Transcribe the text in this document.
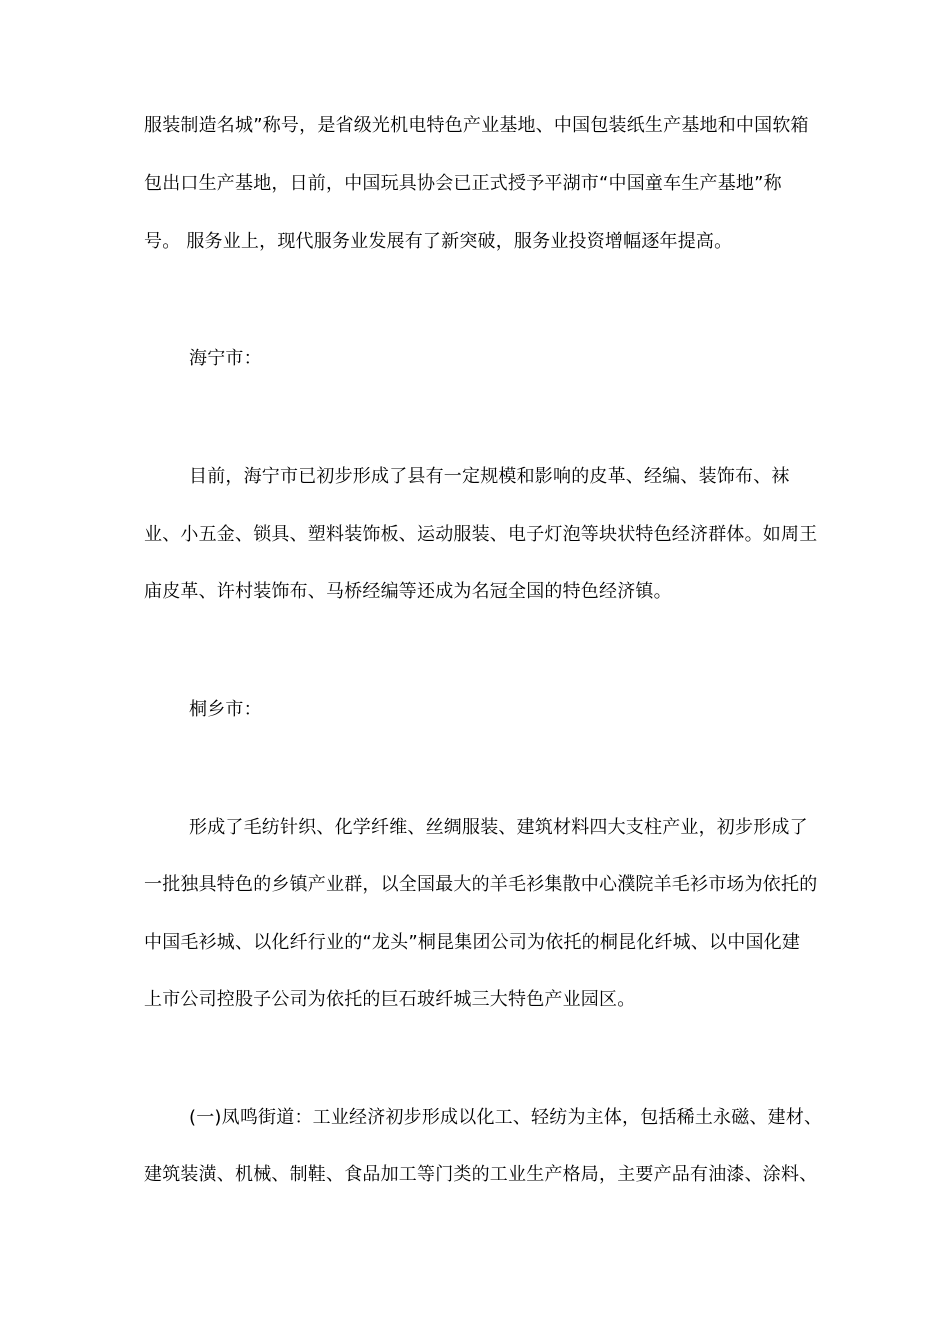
服装制造名城”称号，是省级光机电特色产业基地、中国包装纸生产基地和中国软箱
包出口生产基地，日前，中国玩具协会已正式授予平湖市“中国童车生产基地”称
号。 服务业上，现代服务业发展有了新突破，服务业投资增幅逐年提高。
海宁市：
目前，海宁市已初步形成了县有一定规模和影响的皮革、经编、装饰布、袜
业、小五金、锁具、塑料装饰板、运动服装、电子灯泡等块状特色经济群体。如周王
庙皮革、许村装饰布、马桥经编等还成为名冠全国的特色经济镇。
桐乡市：
形成了毛纺针织、化学纤维、丝绸服装、建筑材料四大支柱产业，初步形成了
一批独具特色的乡镇产业群，以全国最大的羊毛衫集散中心濮院羊毛衫市场为依托的
中国毛衫城、以化纤行业的“龙头”桐昆集团公司为依托的桐昆化纤城、以中国化建
上市公司控股子公司为依托的巨石玻纤城三大特色产业园区。
(一)凤鸣街道：工业经济初步形成以化工、轻纺为主体，包括稀土永磁、建材、
建筑装潢、机械、制鞋、食品加工等门类的工业生产格局，主要产品有油漆、涂料、
